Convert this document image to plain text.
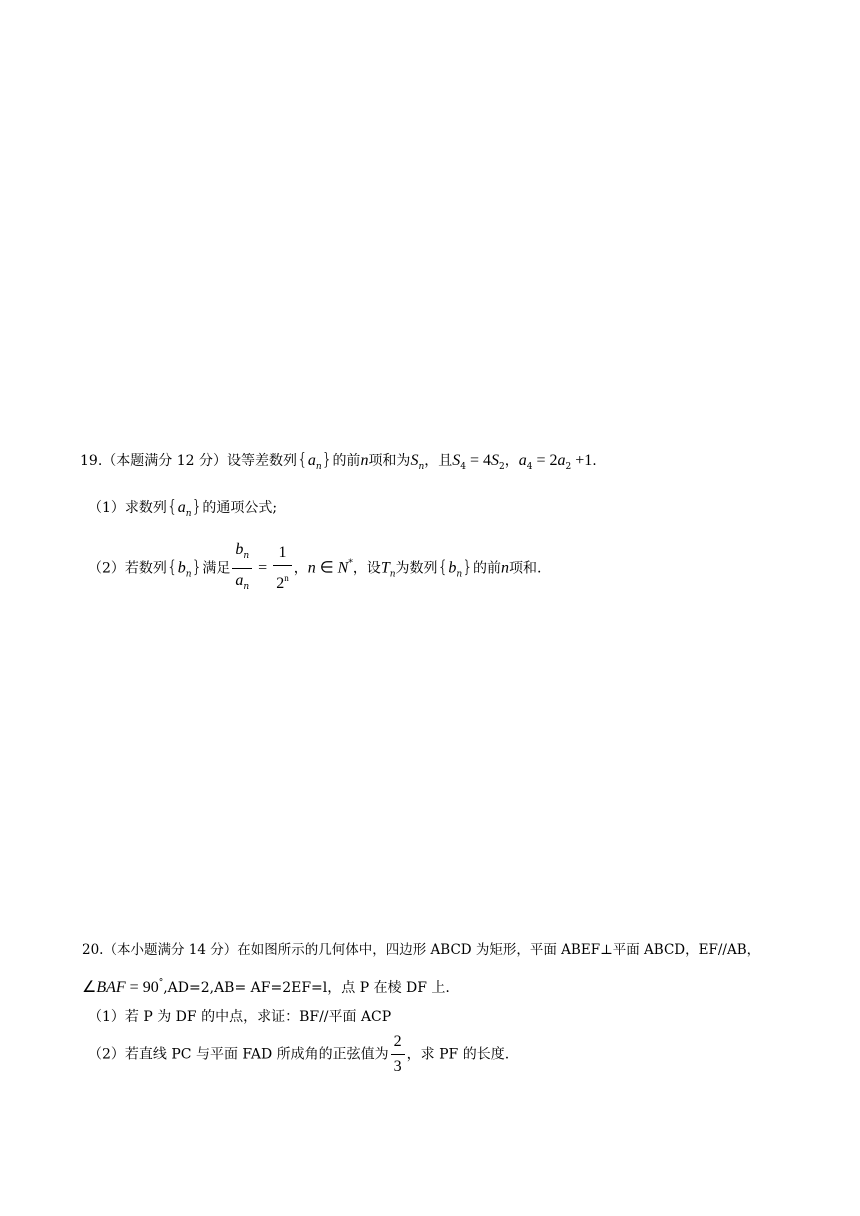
19.（本题满分 12 分）设等差数列$\{a_n\}$的前n项和为$S_n$，且$S_4 = 4S_2$，$a_4 = 2a_2 +1$.
（1）求数列$\{a_n\}$的通项公式;
（2）若数列$\{b_n\}$满足 $\frac{b_n}{a_n} = \frac{1}{2^n}$ ，n ∈ N*，设$T_n$为数列$\{b_n\}$的前n项和.
20.（本小题满分 14 分）在如图所示的几何体中，四边形 ABCD 为矩形，平面 ABEF⊥平面 ABCD，EF//AB，
∠BAF = 90°,AD=2,AB= AF=2EF=l，点 P 在棱 DF 上.
（1）若 P 为 DF 的中点，求证：BF//平面 ACP
（2）若直线 PC 与平面 FAD 所成角的正弦值为 $\frac{2}{3}$ ，求 PF 的长度.
